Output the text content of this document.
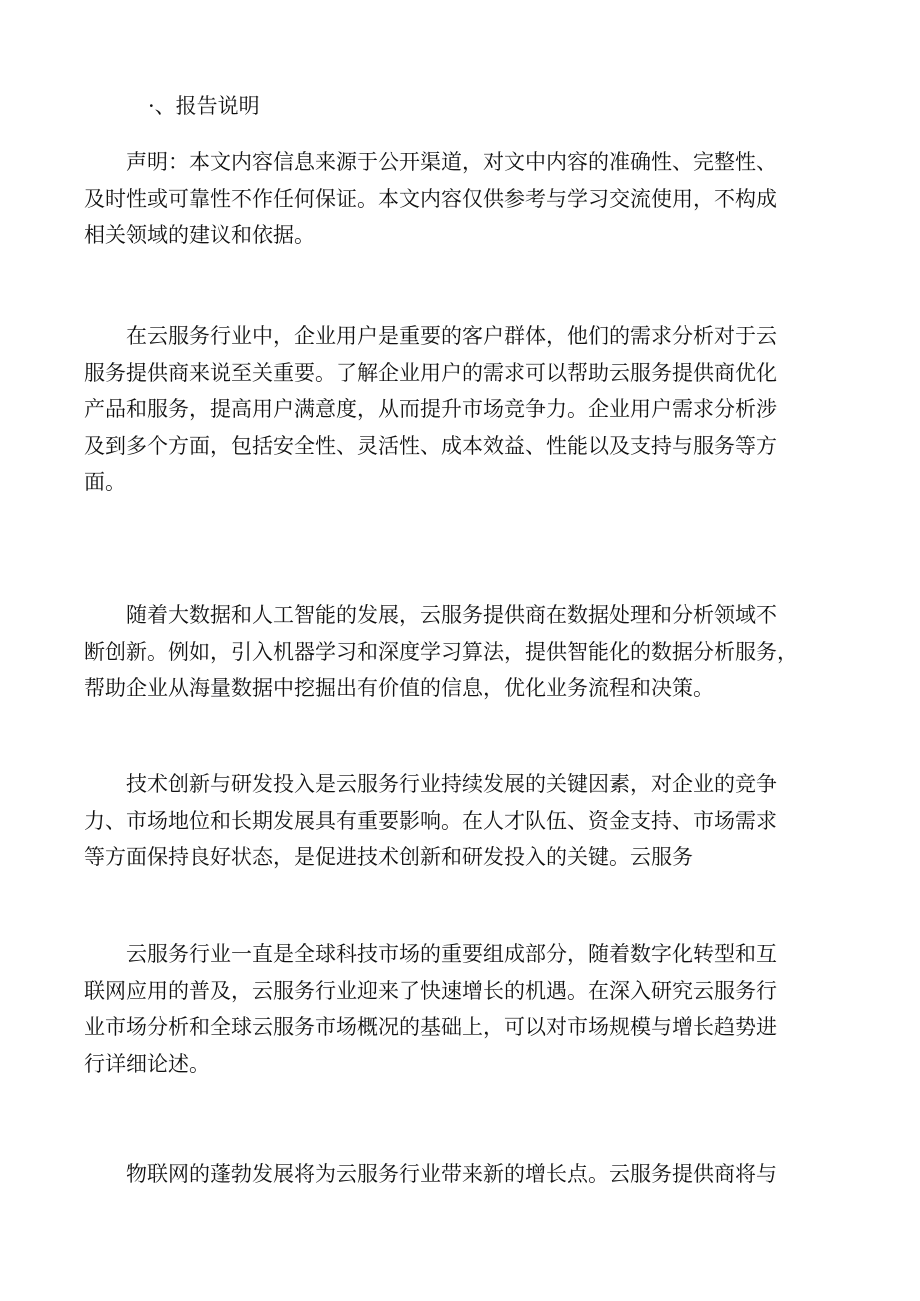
·、报告说明
声明：本文内容信息来源于公开渠道，对文中内容的准确性、完整性、
及时性或可靠性不作任何保证。本文内容仅供参考与学习交流使用，不构成
相关领域的建议和依据。
在云服务行业中，企业用户是重要的客户群体，他们的需求分析对于云
服务提供商来说至关重要。了解企业用户的需求可以帮助云服务提供商优化
产品和服务，提高用户满意度，从而提升市场竞争力。企业用户需求分析涉
及到多个方面，包括安全性、灵活性、成本效益、性能以及支持与服务等方
面。
随着大数据和人工智能的发展，云服务提供商在数据处理和分析领域不
断创新。例如，引入机器学习和深度学习算法，提供智能化的数据分析服务，
帮助企业从海量数据中挖掘出有价值的信息，优化业务流程和决策。
技术创新与研发投入是云服务行业持续发展的关键因素，对企业的竞争
力、市场地位和长期发展具有重要影响。在人才队伍、资金支持、市场需求
等方面保持良好状态，是促进技术创新和研发投入的关键。云服务
云服务行业一直是全球科技市场的重要组成部分，随着数字化转型和互
联网应用的普及，云服务行业迎来了快速增长的机遇。在深入研究云服务行
业市场分析和全球云服务市场概况的基础上，可以对市场规模与增长趋势进
行详细论述。
物联网的蓬勃发展将为云服务行业带来新的增长点。云服务提供商将与
